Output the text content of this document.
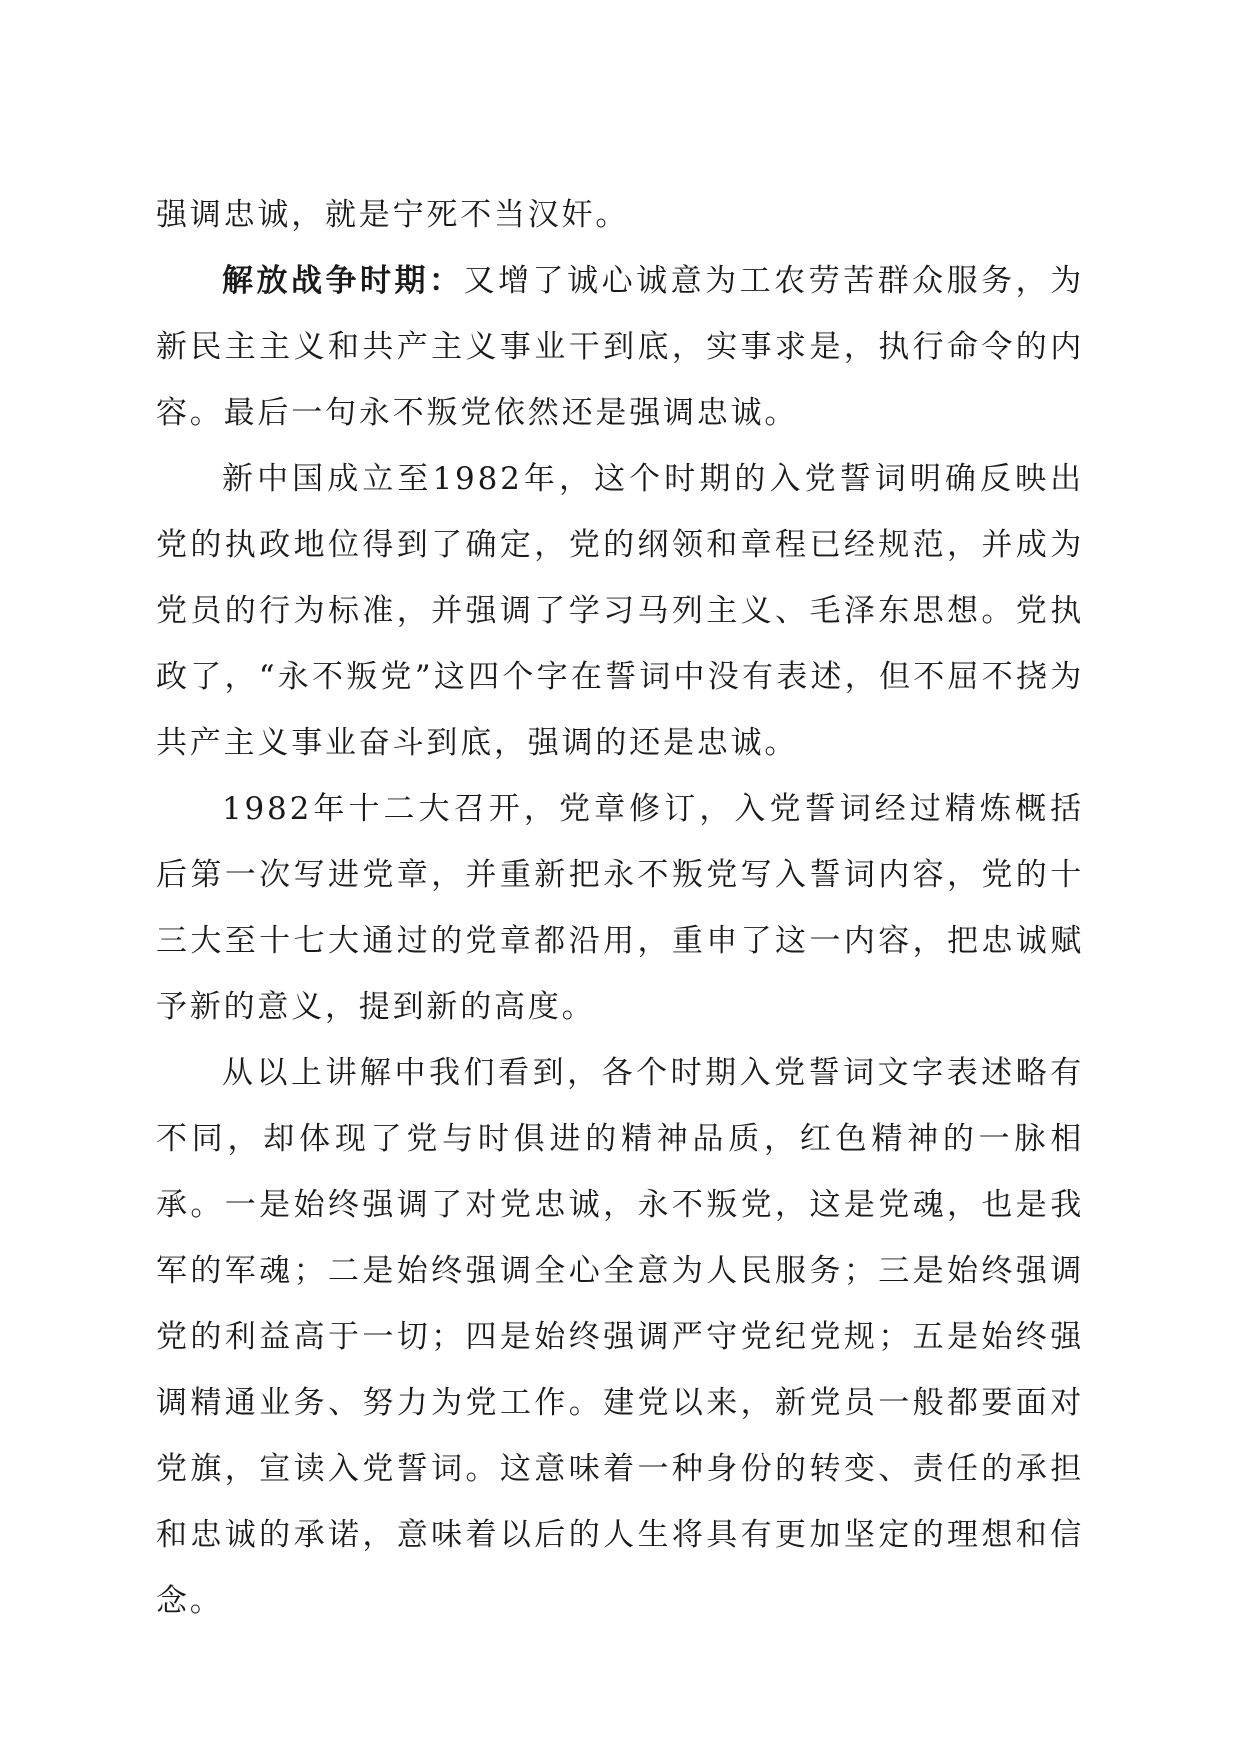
强调忠诚，就是宁死不当汉奸。

解放战争时期：又增了诚心诚意为工农劳苦群众服务，为新民主主义和共产主义事业干到底，实事求是，执行命令的内容。最后一句永不叛党依然还是强调忠诚。

新中国成立至1982年，这个时期的入党誓词明确反映出党的执政地位得到了确定，党的纲领和章程已经规范，并成为党员的行为标准，并强调了学习马列主义、毛泽东思想。党执政了，“永不叛党”这四个字在誓词中没有表述，但不屈不挠为共产主义事业奋斗到底，强调的还是忠诚。

1982年十二大召开，党章修订，入党誓词经过精炼概括后第一次写进党章，并重新把永不叛党写入誓词内容，党的十三大至十七大通过的党章都沿用，重申了这一内容，把忠诚赋予新的意义，提到新的高度。

从以上讲解中我们看到，各个时期入党誓词文字表述略有不同，却体现了党与时俱进的精神品质，红色精神的一脉相承。一是始终强调了对党忠诚，永不叛党，这是党魂，也是我军的军魂；二是始终强调全心全意为人民服务；三是始终强调党的利益高于一切；四是始终强调严守党纪党规；五是始终强调精通业务、努力为党工作。建党以来，新党员一般都要面对党旗，宣读入党誓词。这意味着一种身份的转变、责任的承担和忠诚的承诺，意味着以后的人生将具有更加坚定的理想和信念。
